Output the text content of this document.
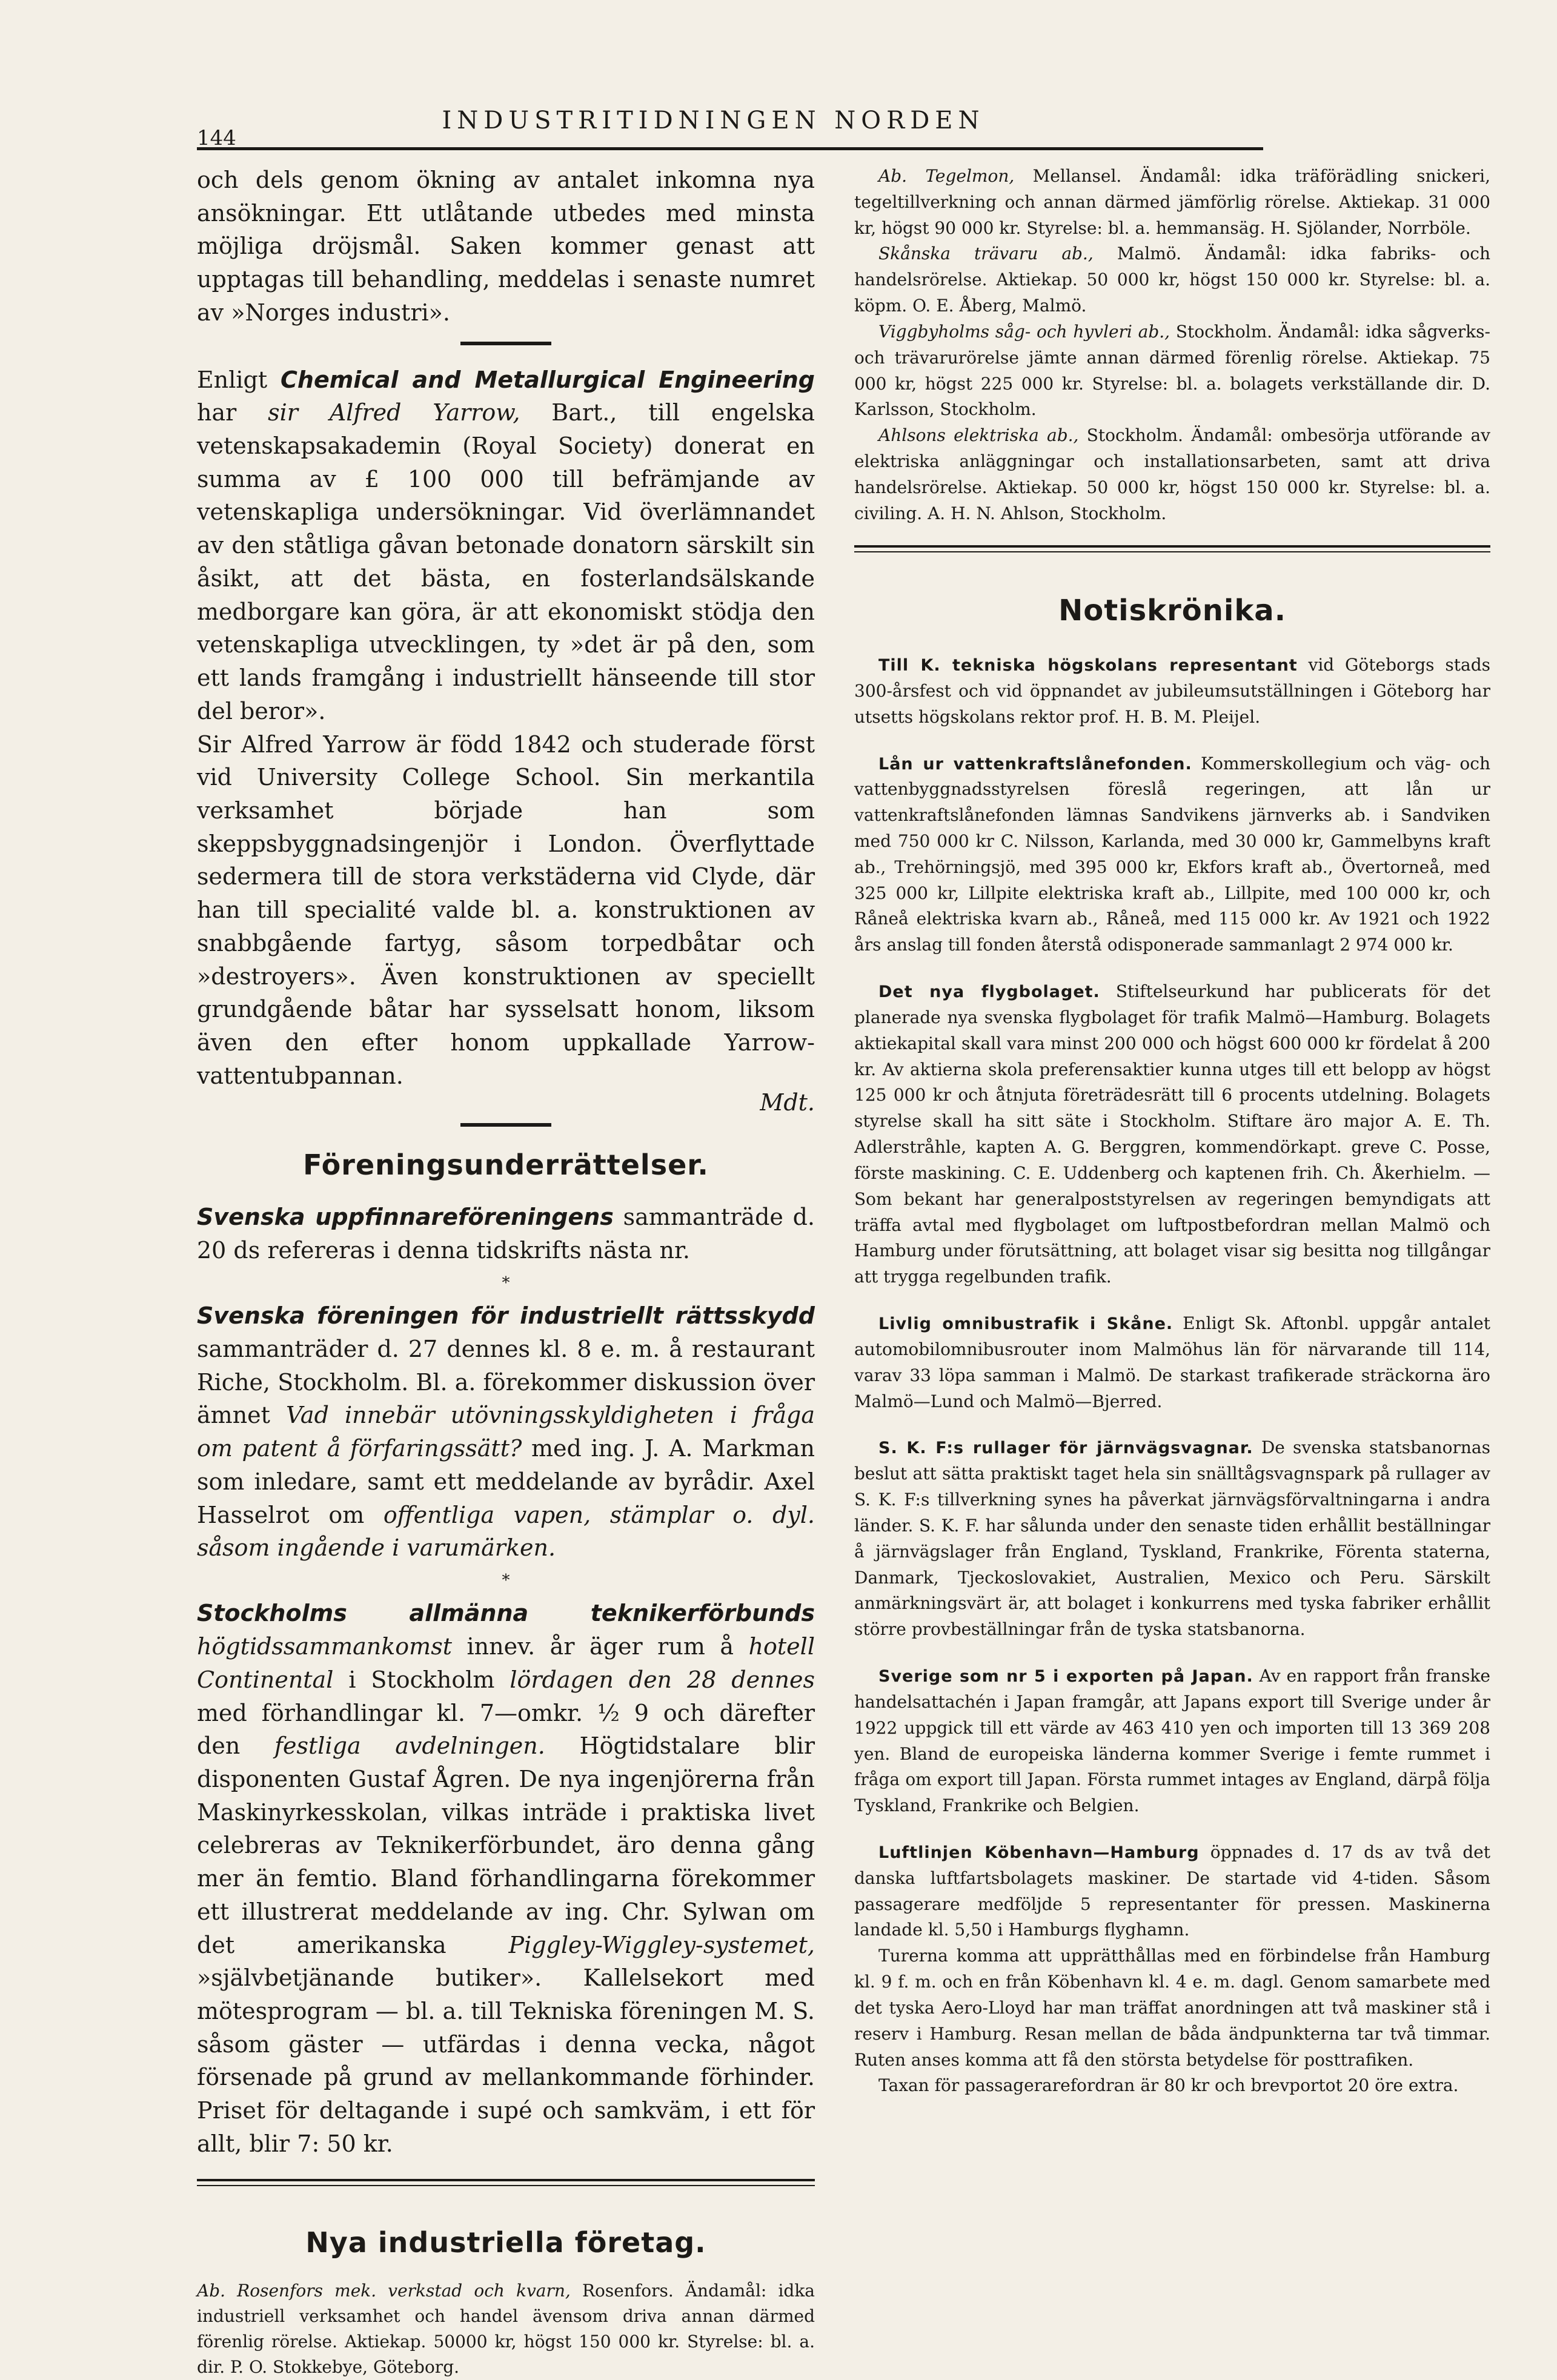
144
INDUSTRITIDNINGEN NORDEN

och dels genom ökning av antalet inkomna nya ansökningar. Ett utlåtande utbedes med minsta möjliga dröjsmål. Saken kommer genast att upptagas till behandling, meddelas i senaste numret av »Norges industri».

Enligt Chemical and Metallurgical Engineering har sir Alfred Yarrow, Bart., till engelska vetenskapsakademin (Royal Society) donerat en summa av £ 100 000 till befrämjande av vetenskapliga undersökningar. Vid överlämnandet av den ståtliga gåvan betonade donatorn särskilt sin åsikt, att det bästa, en fosterlandsälskande medborgare kan göra, är att ekonomiskt stödja den vetenskapliga utvecklingen, ty »det är på den, som ett lands framgång i industriellt hänseende till stor del beror».

Sir Alfred Yarrow är född 1842 och studerade först vid University College School. Sin merkantila verksamhet började han som skeppsbyggnadsingenjör i London. Överflyttade sedermera till de stora verkstäderna vid Clyde, där han till specialité valde bl. a. konstruktionen av snabbgående fartyg, såsom torpedbåtar och »destroyers». Även konstruktionen av speciellt grundgående båtar har sysselsatt honom, liksom även den efter honom uppkallade Yarrow-vattentubpannan.

Mdt.

Föreningsunderrättelser.

Svenska uppfinnareföreningens sammanträde d. 20 ds refereras i denna tidskrifts nästa nr.

*

Svenska föreningen för industriellt rättsskydd sammanträder d. 27 dennes kl. 8 e. m. å restaurant Riche, Stockholm. Bl. a. förekommer diskussion över ämnet Vad innebär utövningsskyldigheten i fråga om patent å förfaringssätt? med ing. J. A. Markman som inledare, samt ett meddelande av byrådir. Axel Hasselrot om offentliga vapen, stämplar o. dyl. såsom ingående i varumärken.

*

Stockholms allmänna teknikerförbunds högtidssammankomst innev. år äger rum å hotell Continental i Stockholm lördagen den 28 dennes med förhandlingar kl. 7—omkr. ½ 9 och därefter den festliga avdelningen. Högtidstalare blir disponenten Gustaf Ågren. De nya ingenjörerna från Maskinyrkesskolan, vilkas inträde i praktiska livet celebreras av Teknikerförbundet, äro denna gång mer än femtio. Bland förhandlingarna förekommer ett illustrerat meddelande av ing. Chr. Sylwan om det amerikanska	Piggley-Wiggley-systemet, »självbetjänande butiker». Kallelsekort med mötesprogram — bl. a. till Tekniska föreningen M. S. såsom gäster — utfärdas i denna vecka, något försenade på grund av mellankommande förhinder. Priset för deltagande i supé och samkväm, i ett för allt, blir 7: 50 kr.

Nya industriella företag.

Ab. Rosenfors mek. verkstad och kvarn, Rosenfors. Ändamål: idka industriell verksamhet och handel ävensom driva annan därmed förenlig rörelse. Aktiekap. 50000 kr, högst 150 000 kr. Styrelse: bl. a. dir. P. O. Stokkebye, Göteborg.

Ab. Tegelmon, Mellansel. Ändamål: idka träförädling snickeri, tegeltillverkning och annan därmed jämförlig rörelse. Aktiekap. 31 000 kr, högst 90 000 kr. Styrelse: bl. a. hemmansäg. H. Sjölander, Norrböle.

Skånska trävaru ab., Malmö. Ändamål: idka fabriks- och handelsrörelse. Aktiekap. 50 000 kr, högst 150 000 kr. Styrelse: bl. a. köpm. O. E. Åberg, Malmö.

Viggbyholms såg- och hyvleri ab., Stockholm. Ändamål: idka sågverks- och trävarurörelse jämte annan därmed förenlig rörelse. Aktiekap. 75 000 kr, högst 225 000 kr. Styrelse: bl. a. bolagets verkställande dir. D. Karlsson, Stockholm.

Ahlsons elektriska ab., Stockholm. Ändamål: ombesörja utförande av elektriska anläggningar och installationsarbeten, samt att driva handelsrörelse. Aktiekap. 50 000 kr, högst 150 000 kr. Styrelse: bl. a. civiling. A. H. N. Ahlson, Stockholm.

Notiskrönika.

Till K. tekniska högskolans representant vid Göteborgs stads 300-årsfest och vid öppnandet av jubileumsutställningen i Göteborg har utsetts högskolans rektor prof. H. B. M. Pleijel.

Lån ur vattenkraftslånefonden. Kommerskollegium och väg- och vattenbyggnadsstyrelsen föreslå regeringen, att lån ur vattenkraftslånefonden lämnas Sandvikens järnverks ab. i Sandviken med 750 000 kr C. Nilsson, Karlanda, med 30 000 kr, Gammelbyns kraft ab., Trehörningsjö, med 395 000 kr, Ekfors kraft ab., Övertorneå, med 325 000 kr, Lillpite elektriska kraft ab., Lillpite, med 100 000 kr, och Råneå elektriska kvarn ab., Råneå, med 115 000 kr. Av 1921 och 1922 års anslag till fonden återstå odisponerade sammanlagt 2 974 000 kr.

Det nya flygbolaget. Stiftelseurkund har publicerats för det planerade nya svenska flygbolaget för trafik Malmö—Hamburg. Bolagets aktiekapital skall vara minst 200 000 och högst 600 000 kr fördelat å 200 kr. Av aktierna skola preferensaktier kunna utges till ett belopp av högst 125 000 kr och åtnjuta företrädesrätt till 6 procents utdelning. Bolagets styrelse skall ha sitt säte i Stockholm. Stiftare äro major A. E. Th. Adlerstråhle, kapten A. G. Berggren, kommendörkapt. greve C. Posse, förste maskining. C. E. Uddenberg och kaptenen frih. Ch. Åkerhielm. — Som bekant har generalpoststyrelsen av regeringen bemyndigats att träffa avtal med flygbolaget om luftpostbefordran mellan Malmö och Hamburg under förutsättning, att bolaget visar sig besitta nog tillgångar att trygga regelbunden trafik.

Livlig omnibustrafik i Skåne. Enligt Sk. Aftonbl. uppgår antalet automobilomnibusrouter inom Malmöhus län för närvarande till 114, varav 33 löpa samman i Malmö. De starkast trafikerade sträckorna äro Malmö—Lund och Malmö—Bjerred.

S. K. F:s rullager för järnvägsvagnar. De svenska statsbanornas beslut att sätta praktiskt taget hela sin snälltågsvagnspark på rullager av S. K. F:s tillverkning synes ha påverkat järnvägsförvaltningarna i andra länder. S. K. F. har sålunda under den senaste tiden erhållit beställningar å järnvägslager från England, Tyskland, Frankrike, Förenta staterna, Danmark, Tjeckoslovakiet, Australien, Mexico och Peru. Särskilt anmärkningsvärt är, att bolaget i konkurrens med tyska fabriker erhållit större provbeställningar från de tyska statsbanorna.

Sverige som nr 5 i exporten på Japan. Av en rapport från franske handelsattachén i Japan framgår, att Japans export till Sverige under år 1922 uppgick till ett värde av 463 410 yen och importen till 13 369 208 yen. Bland de europeiska länderna kommer Sverige i femte rummet i fråga om export till Japan. Första rummet intages av England, därpå följa Tyskland, Frankrike och Belgien.

Luftlinjen Köbenhavn—Hamburg öppnades d. 17 ds av två det danska luftfartsbolagets maskiner. De startade vid 4-tiden. Såsom passagerare medföljde 5 representanter för pressen. Maskinerna landade kl. 5,50 i Hamburgs flyghamn.

Turerna komma att upprätthållas med en förbindelse från Hamburg kl. 9 f. m. och en från Köbenhavn kl. 4 e. m. dagl. Genom samarbete med det tyska Aero-Lloyd har man träffat anordningen att två maskiner stå i reserv i Hamburg. Resan mellan de båda ändpunkterna tar två timmar. Ruten anses komma att få den största betydelse för posttrafiken.

Taxan för passagerarefordran är 80 kr och brevportot 20 öre extra.
